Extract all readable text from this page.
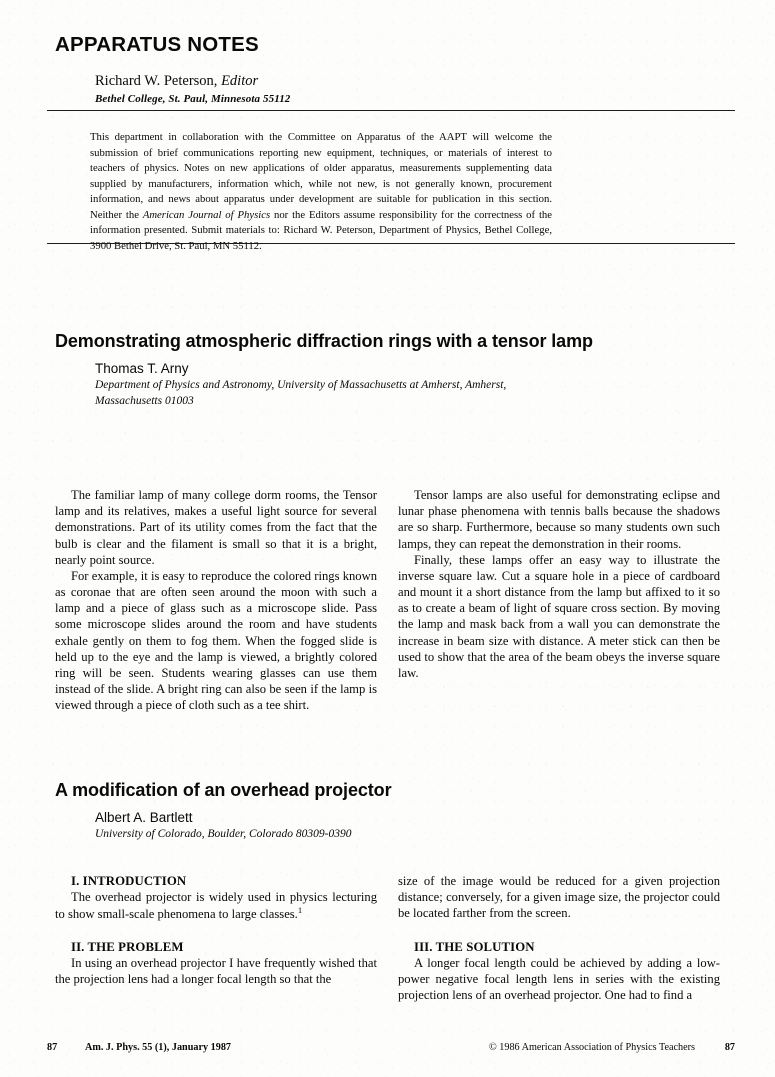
APPARATUS NOTES
Richard W. Peterson, Editor
Bethel College, St. Paul, Minnesota 55112
This department in collaboration with the Committee on Apparatus of the AAPT will welcome the submission of brief communications reporting new equipment, techniques, or materials of interest to teachers of physics. Notes on new applications of older apparatus, measurements supplementing data supplied by manufacturers, information which, while not new, is not generally known, procurement information, and news about apparatus under development are suitable for publication in this section. Neither the American Journal of Physics nor the Editors assume responsibility for the correctness of the information presented. Submit materials to: Richard W. Peterson, Department of Physics, Bethel College, 3900 Bethel Drive, St. Paul, MN 55112.
Demonstrating atmospheric diffraction rings with a tensor lamp
Thomas T. Arny
Department of Physics and Astronomy, University of Massachusetts at Amherst, Amherst,
Massachusetts 01003

The familiar lamp of many college dorm rooms, the Tensor lamp and its relatives, makes a useful light source for several demonstrations. Part of its utility comes from the fact that the bulb is clear and the filament is small so that it is a bright, nearly point source.

For example, it is easy to reproduce the colored rings known as coronae that are often seen around the moon with such a lamp and a piece of glass such as a microscope slide. Pass some microscope slides around the room and have students exhale gently on them to fog them. When the fogged slide is held up to the eye and the lamp is viewed, a brightly colored ring will be seen. Students wearing glasses can use them instead of the slide. A bright ring can also be seen if the lamp is viewed through a piece of cloth such as a tee shirt.

Tensor lamps are also useful for demonstrating eclipse and lunar phase phenomena with tennis balls because the shadows are so sharp. Furthermore, because so many students own such lamps, they can repeat the demonstration in their rooms.

Finally, these lamps offer an easy way to illustrate the inverse square law. Cut a square hole in a piece of cardboard and mount it a short distance from the lamp but affixed to it so as to create a beam of light of square cross section. By moving the lamp and mask back from a wall you can demonstrate the increase in beam size with distance. A meter stick can then be used to show that the area of the beam obeys the inverse square law.

A modification of an overhead projector
Albert A. Bartlett
University of Colorado, Boulder, Colorado 80309-0390

I. INTRODUCTION

The overhead projector is widely used in physics lecturing to show small-scale phenomena to large classes.$^1$

II. THE PROBLEM

In using an overhead projector I have frequently wished that the projection lens had a longer focal length so that the

size of the image would be reduced for a given projection distance; conversely, for a given image size, the projector could be located farther from the screen.

III. THE SOLUTION

A longer focal length could be achieved by adding a low-power negative focal length lens in series with the existing projection lens of an overhead projector. One had to find a

87	Am. J. Phys. 55 (1), January 1987	© 1986 American Association of Physics Teachers	87
